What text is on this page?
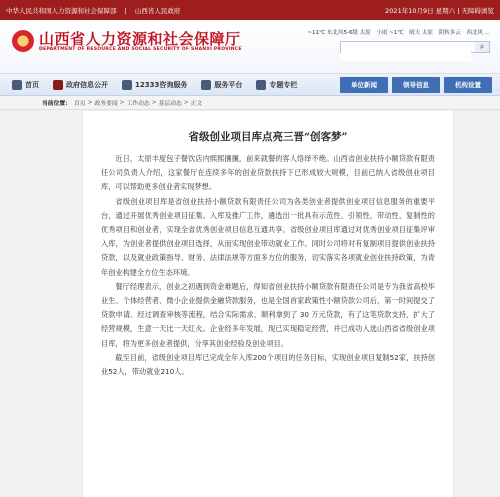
中华人民共和国人力资源和社会保障部 | 山西省人民政府	2021年10月9日 星期六 | 无障碍浏览
山西省人力资源和社会保障厅
DEPARTMENT OF RESOURCE AND SOCIAL SECURITY OF SHANXI PROVINCE
~11℃ 东北风5-6级 太原 小雨 ~1℃ 晴天 太原 阴转多云 西北风 ...
⌕
首页	政府信息公开	12333咨询服务	服务平台	专题专栏	单位新闻	领导信息	机构设置
当前位置： 首页 > 政务要闻 > 工作动态 > 基层动态 > 正文
省级创业项目库点亮三晋“创客梦”

近日，太原丰度包子餐饮店内熙熙攘攘，前来就餐的客人络绎不绝。山西省创业扶持小额贷款有限责任公司负责人介绍，这家餐厅在连续多年的创业贷款扶持下已形成较大规模，目前已纳入省级创业项目库，可以帮助更多创业者实现梦想。

省级创业项目库是省创业扶持小额贷款有限责任公司为各类创业者提供创业项目信息服务的重要平台，通过开展优秀创业项目征集、入库及推广工作，遴选出一批具有示范性、引领性、带动性、复制性的优秀项目和创业者，实现全省优秀创业项目信息互通共享。省级创业项目库通过对优秀创业项目征集评审入库，为创业者提供创业项目选择，从而实现创业带动就业工作。同时公司将对有复制项目提供创业扶持贷款，以及就业政策指导、财务、法律法规等方面多方位的服务，切实落实各项就业创业扶持政策，为青年创业构建全方位生态环境。

餐厅经理表示，创业之初遇到资金难题后，得知省创业扶持小额贷款有限责任公司是专为我省高校毕业生、个体经营者、微小企业提供金融贷款服务，也是全国首家政策性小额贷款公司后，第一时间提交了贷款申请。经过调查审核等流程，结合实际需求，顺利拿到了 30 万元贷款，有了这笔贷款支持，扩大了经营规模，生意一天比一天红火。企业经多年发展，现已实现稳定经营，并已成功入选山西省省级创业项目库，将为更多创业者提供，分享其创业经验及创业项目。

截至目前，省级创业项目库已完成全年入库200个项目的任务目标，实现创业项目复制52家，扶持创业52人，带动就业210人。
